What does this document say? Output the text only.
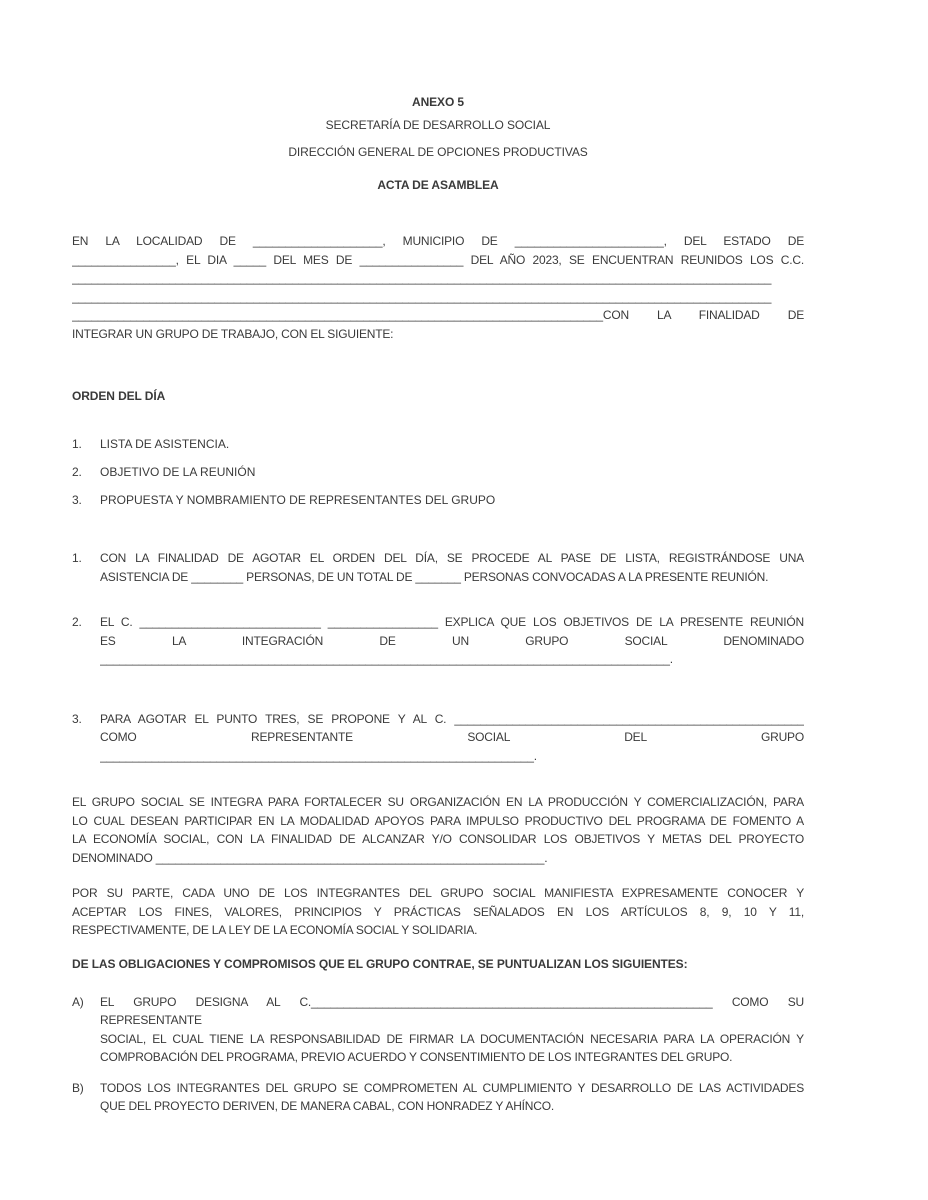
ANEXO 5
SECRETARÍA DE DESARROLLO SOCIAL
DIRECCIÓN GENERAL DE OPCIONES PRODUCTIVAS
ACTA DE ASAMBLEA
EN LA LOCALIDAD DE ____________________, MUNICIPIO DE _______________________, DEL ESTADO DE
________________, EL DIA _____ DEL MES DE ________________ DEL AÑO 2023, SE ENCUENTRAN REUNIDOS LOS C.C.
____________________________________________________________________________________________________________
____________________________________________________________________________________________________________
__________________________________________________________________________________CON LA FINALIDAD DE
INTEGRAR UN GRUPO DE TRABAJO, CON EL SIGUIENTE:
ORDEN DEL DÍA
1.	LISTA DE ASISTENCIA.
2.	OBJETIVO DE LA REUNIÓN
3.	PROPUESTA Y NOMBRAMIENTO DE REPRESENTANTES DEL GRUPO
1.	CON LA FINALIDAD DE AGOTAR EL ORDEN DEL DÍA, SE PROCEDE AL PASE DE LISTA, REGISTRÁNDOSE UNA
ASISTENCIA DE ________ PERSONAS, DE UN TOTAL DE _______ PERSONAS CONVOCADAS A LA PRESENTE REUNIÓN.
2.	EL C. ____________________________ _________________ EXPLICA QUE LOS OBJETIVOS DE LA PRESENTE REUNIÓN
ES LA INTEGRACIÓN DE UN GRUPO SOCIAL DENOMINADO
________________________________________________________________________________________.
3.	PARA AGOTAR EL PUNTO TRES, SE PROPONE Y AL C. ______________________________________________________
COMO REPRESENTANTE SOCIAL DEL GRUPO
___________________________________________________________________.
EL GRUPO SOCIAL SE INTEGRA PARA FORTALECER SU ORGANIZACIÓN EN LA PRODUCCIÓN Y COMERCIALIZACIÓN, PARA
LO CUAL DESEAN PARTICIPAR EN LA MODALIDAD APOYOS PARA IMPULSO PRODUCTIVO DEL PROGRAMA DE FOMENTO A
LA ECONOMÍA SOCIAL, CON LA FINALIDAD DE ALCANZAR Y/O CONSOLIDAR LOS OBJETIVOS Y METAS DEL PROYECTO
DENOMINADO ____________________________________________________________.
POR SU PARTE, CADA UNO DE LOS INTEGRANTES DEL GRUPO SOCIAL MANIFIESTA EXPRESAMENTE CONOCER Y
ACEPTAR LOS FINES, VALORES, PRINCIPIOS Y PRÁCTICAS SEÑALADOS EN LOS ARTÍCULOS 8, 9, 10 Y 11,
RESPECTIVAMENTE, DE LA LEY DE LA ECONOMÍA SOCIAL Y SOLIDARIA.
DE LAS OBLIGACIONES Y COMPROMISOS QUE EL GRUPO CONTRAE, SE PUNTUALIZAN LOS SIGUIENTES:
A)	EL GRUPO DESIGNA AL C.______________________________________________________________ COMO SU REPRESENTANTE
SOCIAL, EL CUAL TIENE LA RESPONSABILIDAD DE FIRMAR LA DOCUMENTACIÓN NECESARIA PARA LA OPERACIÓN Y
COMPROBACIÓN DEL PROGRAMA, PREVIO ACUERDO Y CONSENTIMIENTO DE LOS INTEGRANTES DEL GRUPO.
B)	TODOS LOS INTEGRANTES DEL GRUPO SE COMPROMETEN AL CUMPLIMIENTO Y DESARROLLO DE LAS ACTIVIDADES
QUE DEL PROYECTO DERIVEN, DE MANERA CABAL, CON HONRADEZ Y AHÍNCO.
